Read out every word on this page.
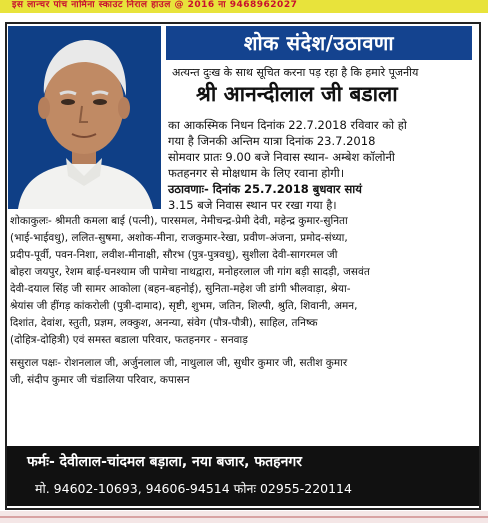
इस लान्चर पांच नामिना स्काउट निराल हाउल @ 2016 ना 9468962027
शोक संदेश/उठावणा
अत्यन्त दुःख के साथ सूचित करना पड़ रहा है कि हमारे पूजनीय
श्री आनन्दीलाल जी बडाला
का आकस्मिक निधन दिनांक 22.7.2018 रविवार को हो
गया है जिनकी अन्तिम यात्रा दिनांक 23.7.2018
सोमवार प्रातः 9.00 बजे निवास स्थान- अम्बेश कॉलोनी
फतहनगर से मोक्षधाम के लिए रवाना होगी।
उठावणाः- दिनांक 25.7.2018 बुधवार सायं
3.15 बजे निवास स्थान पर रखा गया है।
शोकाकुलः- श्रीमती कमला बाई (पत्नी), पारसमल, नेमीचन्द्र-प्रेमी देवी, महेन्द्र कुमार-सुनिता
(भाई-भाईवधु), ललित-सुषमा, अशोक-मीना, राजकुमार-रेखा, प्रवीण-अंजना, प्रमोद-संध्या,
प्रदीप-पूर्वी, पवन-निशा, लवीश-मीनाक्षी, सौरभ (पुत्र-पुत्रवधु), सुशीला देवी-सागरमल जी
बोहरा जयपुर, रेशम बाई-घनश्याम जी पामेचा नाथद्वारा, मनोहरलाल जी गांग बड़ी सादड़ी, जसवंत
देवी-दयाल सिंह जी सामर आकोला (बहन-बहनोई), सुनिता-महेश जी डांगी भीलवाड़ा, श्रेया-
श्रेयांस जी हींगड़ कांकरोली (पुत्री-दामाद), सृष्टी, शुभम, जतिन, शिल्पी, श्रुति, शिवानी, अमन,
दिशांत, देवांश, स्तुती, प्रज्ञम, लक्कुश, अनन्या, संवेग (पौत्र-पौत्री), साहिल, तनिष्क
(दोहित्र-दोहित्री) एवं समस्त बडाला परिवार, फतहनगर - सनवाड़
ससुराल पक्षः- रोशनलाल जी, अर्जुनलाल जी, नाथुलाल जी, सुधीर कुमार जी, सतीश कुमार
जी, संदीप कुमार जी चंडालिया परिवार, कपासन
फर्मः- देवीलाल-चांदमल बड़ाला, नया बजार, फतहनगर
मो. 94602-10693, 94606-94514 फोनः 02955-220114
